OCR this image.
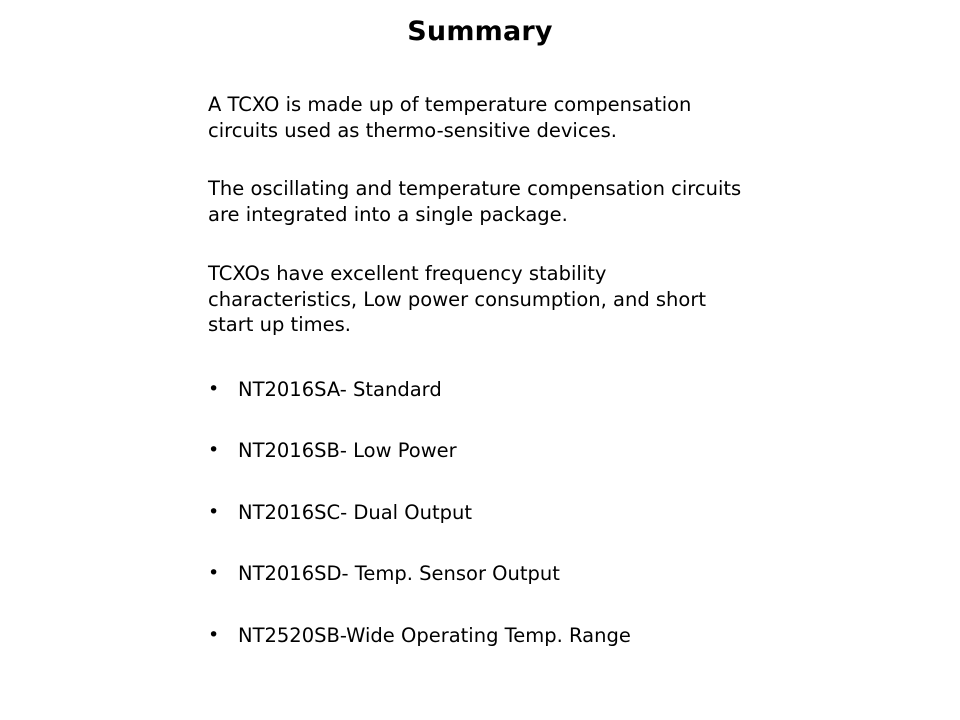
Summary

A TCXO is made up of temperature compensation circuits used as thermo-sensitive devices.

The oscillating and temperature compensation circuits are integrated into a single package.

TCXOs have excellent frequency stability characteristics, Low power consumption, and short start up times.

• NT2016SA- Standard
• NT2016SB- Low Power
• NT2016SC- Dual Output
• NT2016SD- Temp. Sensor Output
• NT2520SB-Wide Operating Temp. Range
